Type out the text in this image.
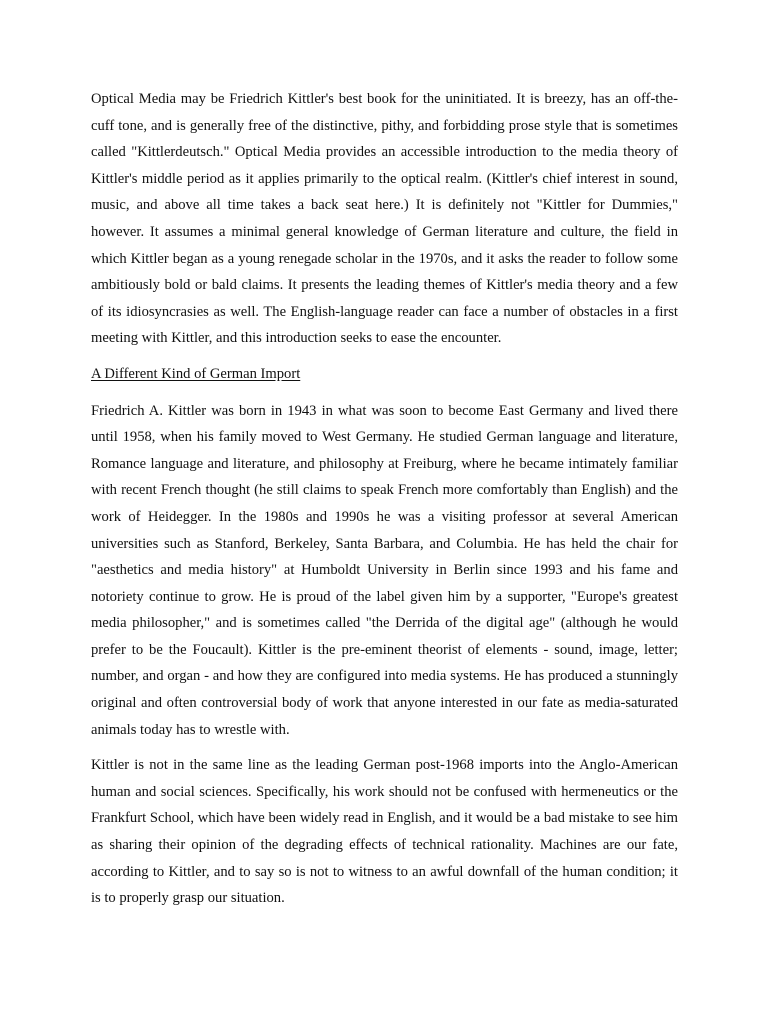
Optical Media may be Friedrich Kittler's best book for the uninitiated. It is breezy, has an off-the-cuff tone, and is generally free of the distinctive, pithy, and forbidding prose style that is sometimes called "Kittlerdeutsch." Optical Media provides an accessible introduction to the media theory of Kittler's middle period as it applies primarily to the optical realm. (Kittler's chief interest in sound, music, and above all time takes a back seat here.) It is definitely not "Kittler for Dummies," however. It assumes a minimal general knowledge of German literature and culture, the field in which Kittler began as a young renegade scholar in the 1970s, and it asks the reader to follow some ambitiously bold or bald claims. It presents the leading themes of Kittler's media theory and a few of its idiosyncrasies as well. The English-language reader can face a number of obstacles in a first meeting with Kittler, and this introduction seeks to ease the encounter.

A Different Kind of German Import

Friedrich A. Kittler was born in 1943 in what was soon to become East Germany and lived there until 1958, when his family moved to West Germany. He studied German language and literature, Romance language and literature, and philosophy at Freiburg, where he became intimately familiar with recent French thought (he still claims to speak French more comfortably than English) and the work of Heidegger. In the 1980s and 1990s he was a visiting professor at several American universities such as Stanford, Berkeley, Santa Barbara, and Columbia. He has held the chair for "aesthetics and media history" at Humboldt University in Berlin since 1993 and his fame and notoriety continue to grow. He is proud of the label given him by a supporter, "Europe's greatest media philosopher," and is sometimes called "the Derrida of the digital age" (although he would prefer to be the Foucault). Kittler is the pre-eminent theorist of elements - sound, image, letter; number, and organ - and how they are configured into media systems. He has produced a stunningly original and often controversial body of work that anyone interested in our fate as media-saturated animals today has to wrestle with.

Kittler is not in the same line as the leading German post-1968 imports into the Anglo-American human and social sciences. Specifically, his work should not be confused with hermeneutics or the Frankfurt School, which have been widely read in English, and it would be a bad mistake to see him as sharing their opinion of the degrading effects of technical rationality. Machines are our fate, according to Kittler, and to say so is not to witness to an awful downfall of the human condition; it is to properly grasp our situation.
